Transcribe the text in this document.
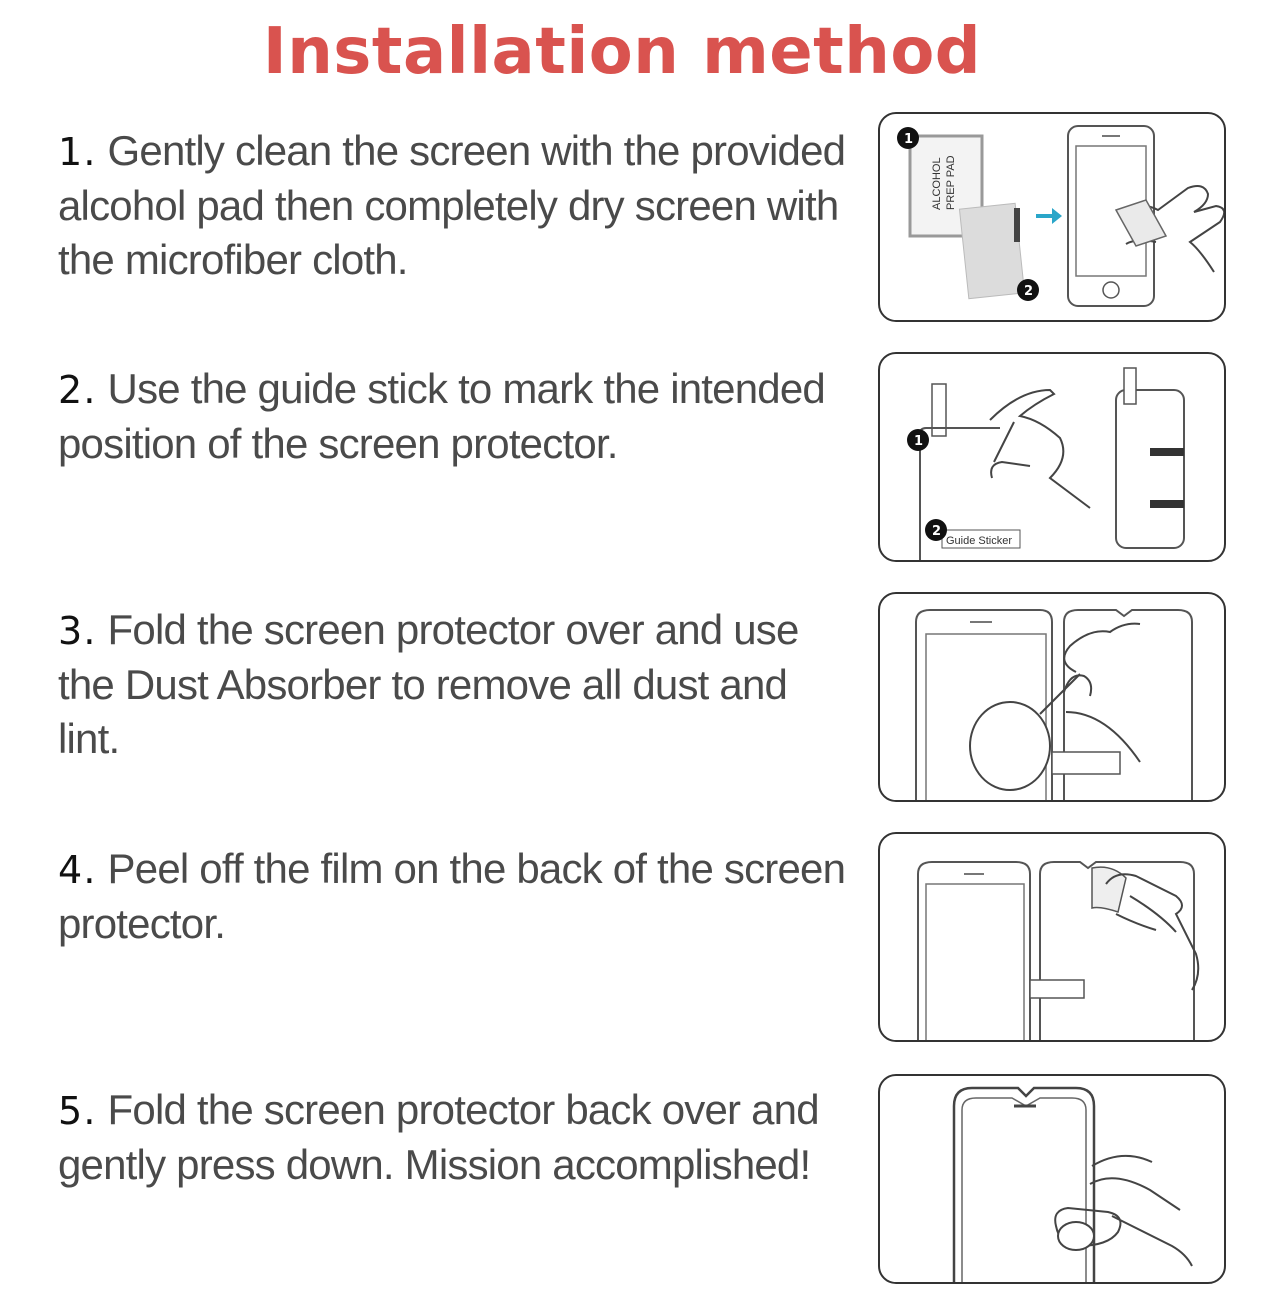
Installation method
1. Gently clean the screen with the provided alcohol pad then completely dry screen with the microfiber cloth.
ALCOHOL PREP PAD
1
2
2. Use the guide stick to mark the intended position of the screen protector.
Guide Sticker
1
2
3. Fold the screen protector over and use the Dust Absorber to remove all dust and lint.
4. Peel off the film on the back of the screen protector.
5. Fold the screen protector back over and gently press down. Mission accomplished!
